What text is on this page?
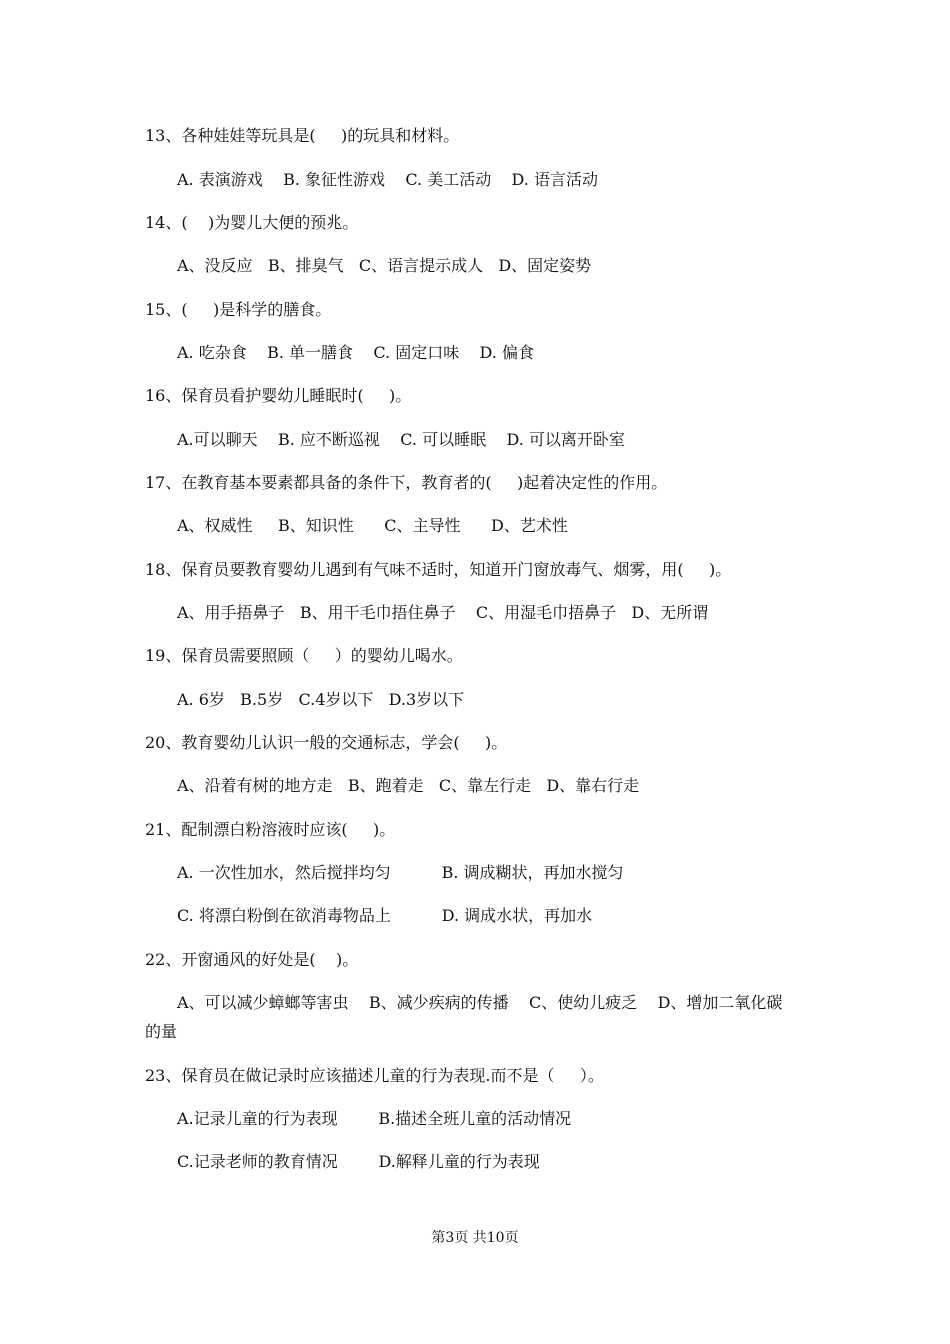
13、各种娃娃等玩具是(     )的玩具和材料。
A. 表演游戏    B. 象征性游戏    C. 美工活动    D. 语言活动
14、(    )为婴儿大便的预兆。
A、没反应   B、排臭气   C、语言提示成人   D、固定姿势
15、(     )是科学的膳食。
A. 吃杂食    B. 单一膳食    C. 固定口味    D. 偏食
16、保育员看护婴幼儿睡眠时(     )。
A.可以聊天    B. 应不断巡视    C. 可以睡眠    D. 可以离开卧室
17、在教育基本要素都具备的条件下，教育者的(     )起着决定性的作用。
A、权威性     B、知识性      C、主导性      D、艺术性
18、保育员要教育婴幼儿遇到有气味不适时，知道开门窗放毒气、烟雾，用(     )。
A、用手捂鼻子   B、用干毛巾捂住鼻子    C、用湿毛巾捂鼻子   D、无所谓
19、保育员需要照顾（     ）的婴幼儿喝水。
A. 6岁   B.5岁   C.4岁以下   D.3岁以下
20、教育婴幼儿认识一般的交通标志，学会(     )。
A、沿着有树的地方走   B、跑着走   C、靠左行走   D、靠右行走
21、配制漂白粉溶液时应该(     )。
A. 一次性加水，然后搅拌均匀          B. 调成糊状，再加水搅匀
C. 将漂白粉倒在欲消毒物品上          D. 调成水状，再加水
22、开窗通风的好处是(    )。
A、可以减少蟑螂等害虫    B、减少疾病的传播    C、使幼儿疲乏    D、增加二氧化碳
的量
23、保育员在做记录时应该描述儿童的行为表现.而不是（     ）。
A.记录儿童的行为表现        B.描述全班儿童的活动情况
C.记录老师的教育情况        D.解释儿童的行为表现
第3页 共10页
